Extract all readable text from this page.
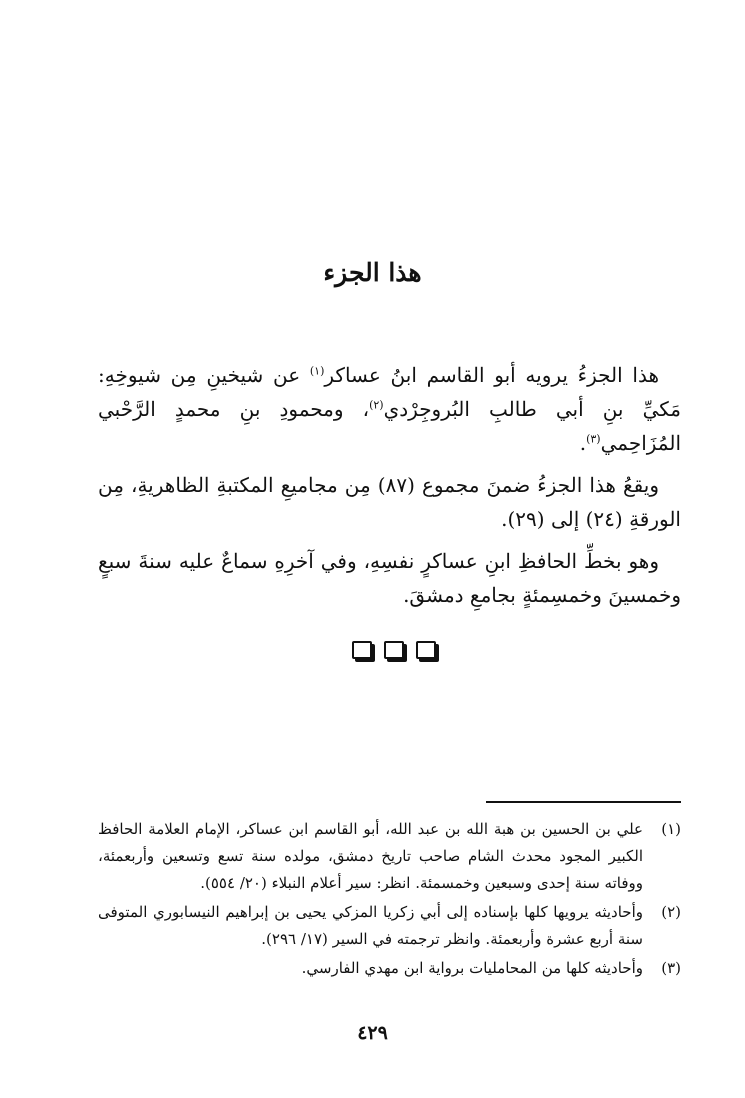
هذا الجزء

هذا الجزءُ يرويه أبو القاسم ابنُ عساكر$^{(١)}$ عن شيخينِ مِن شيوخِهِ: مَكيِّ بنِ أبي طالبِ البُروجِرْدي$^{(٢)}$، ومحمودِ بنِ محمدٍ الرَّحْبي المُزَاحِمي$^{(٣)}$.

ويقعُ هذا الجزءُ ضمنَ مجموع (٨٧) مِن مجاميعِ المكتبةِ الظاهريةِ، مِن الورقةِ (٢٤) إلى (٢٩).

وهو بخطِّ الحافظِ ابنِ عساكرٍ نفسِهِ، وفي آخرِهِ سماعٌ عليه سنةَ سبعٍ وخمسينَ وخمسِمئةٍ بجامعِ دمشقَ.

(١)
علي بن الحسين بن هبة الله بن عبد الله، أبو القاسم ابن عساكر، الإمام العلامة الحافظ الكبير المجود محدث الشام صاحب تاريخ دمشق، مولده سنة تسع وتسعين وأربعمئة، ووفاته سنة إحدى وسبعين وخمسمئة. انظر: سير أعلام النبلاء (٢٠/ ٥٥٤).
(٢)
وأحاديثه يرويها كلها بإسناده إلى أبي زكريا المزكي يحيى بن إبراهيم النيسابوري المتوفى سنة أربع عشرة وأربعمئة. وانظر ترجمته في السير (١٧/ ٢٩٦).
(٣)
وأحاديثه كلها من المحامليات برواية ابن مهدي الفارسي.
٤٢٩
